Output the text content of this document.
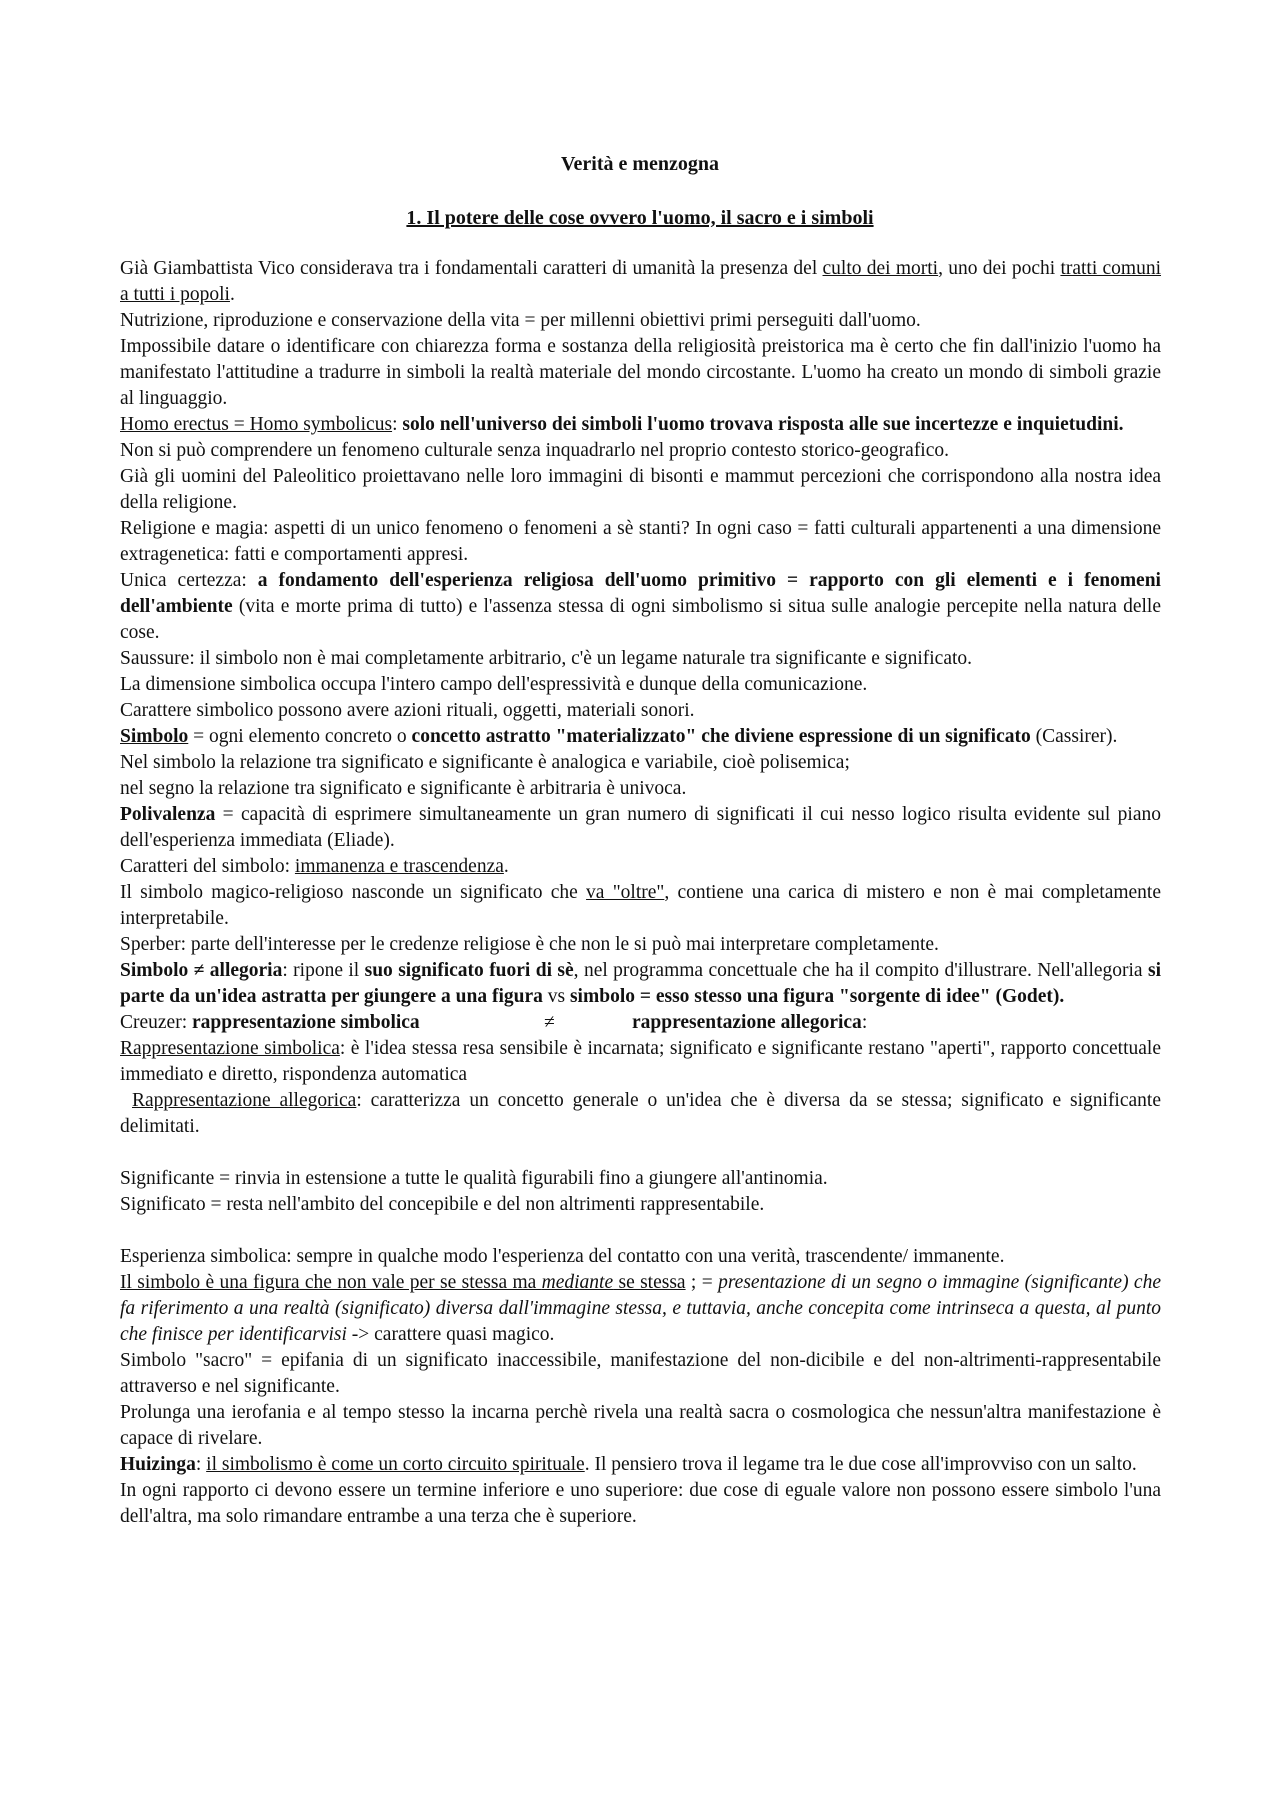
Verità e menzogna
1. Il potere delle cose ovvero l'uomo, il sacro e i simboli

Già Giambattista Vico considerava tra i fondamentali caratteri di umanità la presenza del culto dei morti, uno dei pochi tratti comuni a tutti i popoli.

Nutrizione, riproduzione e conservazione della vita = per millenni obiettivi primi perseguiti dall'uomo.

Impossibile datare o identificare con chiarezza forma e sostanza della religiosità preistorica ma è certo che fin dall'inizio l'uomo ha manifestato l'attitudine a tradurre in simboli la realtà materiale del mondo circostante. L'uomo ha creato un mondo di simboli grazie al linguaggio.

Homo erectus = Homo symbolicus: solo nell'universo dei simboli l'uomo trovava risposta alle sue incertezze e inquietudini.

Non si può comprendere un fenomeno culturale senza inquadrarlo nel proprio contesto storico-geografico.

Già gli uomini del Paleolitico proiettavano nelle loro immagini di bisonti e mammut percezioni che corrispondono alla nostra idea della religione.

Religione e magia: aspetti di un unico fenomeno o fenomeni a sè stanti? In ogni caso = fatti culturali appartenenti a una dimensione extragenetica: fatti e comportamenti appresi.

Unica certezza: a fondamento dell'esperienza religiosa dell'uomo primitivo = rapporto con gli elementi e i fenomeni dell'ambiente (vita e morte prima di tutto) e l'assenza stessa di ogni simbolismo si situa sulle analogie percepite nella natura delle cose.

Saussure: il simbolo non è mai completamente arbitrario, c'è un legame naturale tra significante e significato.

La dimensione simbolica occupa l'intero campo dell'espressività e dunque della comunicazione.

Carattere simbolico possono avere azioni rituali, oggetti, materiali sonori.

Simbolo = ogni elemento concreto o concetto astratto "materializzato" che diviene espressione di un significato (Cassirer).

Nel simbolo la relazione tra significato e significante è analogica e variabile, cioè polisemica;

nel segno la relazione tra significato e significante è arbitraria è univoca.

Polivalenza = capacità di esprimere simultaneamente un gran numero di significati il cui nesso logico risulta evidente sul piano dell'esperienza immediata (Eliade).

Caratteri del simbolo: immanenza e trascendenza.

Il simbolo magico-religioso nasconde un significato che va "oltre", contiene una carica di mistero e non è mai completamente interpretabile.

Sperber: parte dell'interesse per le credenze religiose è che non le si può mai interpretare completamente.

Simbolo ≠ allegoria: ripone il suo significato fuori di sè, nel programma concettuale che ha il compito d'illustrare. Nell'allegoria si parte da un'idea astratta per giungere a una figura vs simbolo = esso stesso una figura "sorgente di idee" (Godet).

Creuzer: rappresentazione simbolica	≠	rappresentazione allegorica:

Rappresentazione simbolica: è l'idea stessa resa sensibile è incarnata; significato e significante restano "aperti", rapporto concettuale immediato e diretto, rispondenza automatica

Rappresentazione allegorica: caratterizza un concetto generale o un'idea che è diversa da se stessa; significato e significante delimitati.

Significante = rinvia in estensione a tutte le qualità figurabili fino a giungere all'antinomia.

Significato = resta nell'ambito del concepibile e del non altrimenti rappresentabile.

Esperienza simbolica: sempre in qualche modo l'esperienza del contatto con una verità, trascendente/ immanente.

Il simbolo è una figura che non vale per se stessa ma mediante se stessa ; = presentazione di un segno o immagine (significante) che fa riferimento a una realtà (significato) diversa dall'immagine stessa, e tuttavia, anche concepita come intrinseca a questa, al punto che finisce per identificarvisi -> carattere quasi magico.

Simbolo "sacro" = epifania di un significato inaccessibile, manifestazione del non-dicibile e del non-altrimenti-rappresentabile attraverso e nel significante.

Prolunga una ierofania e al tempo stesso la incarna perchè rivela una realtà sacra o cosmologica che nessun'altra manifestazione è capace di rivelare.

Huizinga: il simbolismo è come un corto circuito spirituale. Il pensiero trova il legame tra le due cose all'improvviso con un salto.

In ogni rapporto ci devono essere un termine inferiore e uno superiore: due cose di eguale valore non possono essere simbolo l'una dell'altra, ma solo rimandare entrambe a una terza che è superiore.
